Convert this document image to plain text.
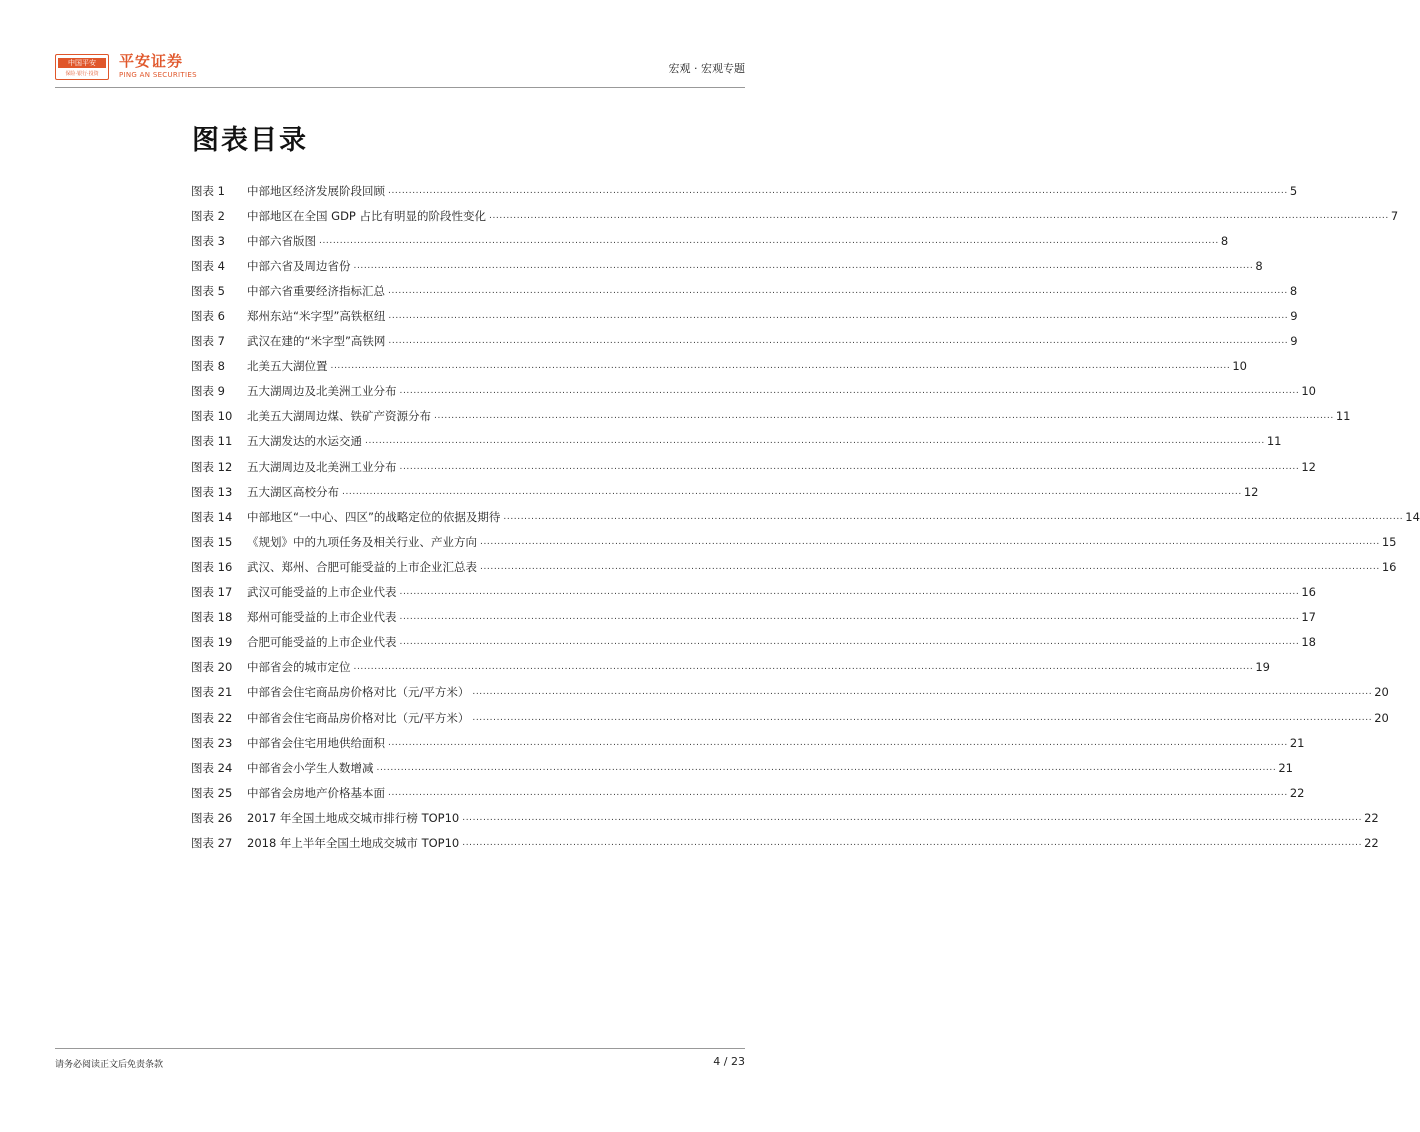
中国平安
保险·银行·投资
平安证券
PING AN SECURITIES	宏观 · 宏观专题
图表目录
图表 1	中部地区经济发展阶段回顾 .................................................................................................................................................................................................................................................................... 5
图表 2	中部地区在全国 GDP 占比有明显的阶段性变化 .................................................................................................................................................................................................................................................................... 7
图表 3	中部六省版图 .................................................................................................................................................................................................................................................................... 8
图表 4	中部六省及周边省份 .................................................................................................................................................................................................................................................................... 8
图表 5	中部六省重要经济指标汇总 .................................................................................................................................................................................................................................................................... 8
图表 6	郑州东站“米字型”高铁枢纽 .................................................................................................................................................................................................................................................................... 9
图表 7	武汉在建的“米字型”高铁网 .................................................................................................................................................................................................................................................................... 9
图表 8	北美五大湖位置 .................................................................................................................................................................................................................................................................... 10
图表 9	五大湖周边及北美洲工业分布 .................................................................................................................................................................................................................................................................... 10
图表 10	北美五大湖周边煤、铁矿产资源分布 .................................................................................................................................................................................................................................................................... 11
图表 11	五大湖发达的水运交通 .................................................................................................................................................................................................................................................................... 11
图表 12	五大湖周边及北美洲工业分布 .................................................................................................................................................................................................................................................................... 12
图表 13	五大湖区高校分布 .................................................................................................................................................................................................................................................................... 12
图表 14	中部地区“一中心、四区”的战略定位的依据及期待 .................................................................................................................................................................................................................................................................... 14
图表 15	《规划》中的九项任务及相关行业、产业方向 .................................................................................................................................................................................................................................................................... 15
图表 16	武汉、郑州、合肥可能受益的上市企业汇总表 .................................................................................................................................................................................................................................................................... 16
图表 17	武汉可能受益的上市企业代表 .................................................................................................................................................................................................................................................................... 16
图表 18	郑州可能受益的上市企业代表 .................................................................................................................................................................................................................................................................... 17
图表 19	合肥可能受益的上市企业代表 .................................................................................................................................................................................................................................................................... 18
图表 20	中部省会的城市定位 .................................................................................................................................................................................................................................................................... 19
图表 21	中部省会住宅商品房价格对比（元/平方米） .................................................................................................................................................................................................................................................................... 20
图表 22	中部省会住宅商品房价格对比（元/平方米） .................................................................................................................................................................................................................................................................... 20
图表 23	中部省会住宅用地供给面积 .................................................................................................................................................................................................................................................................... 21
图表 24	中部省会小学生人数增减 .................................................................................................................................................................................................................................................................... 21
图表 25	中部省会房地产价格基本面 .................................................................................................................................................................................................................................................................... 22
图表 26	2017 年全国土地成交城市排行榜 TOP10 .................................................................................................................................................................................................................................................................... 22
图表 27	2018 年上半年全国土地成交城市 TOP10 .................................................................................................................................................................................................................................................................... 22
请务必阅读正文后免责条款	4 / 23
